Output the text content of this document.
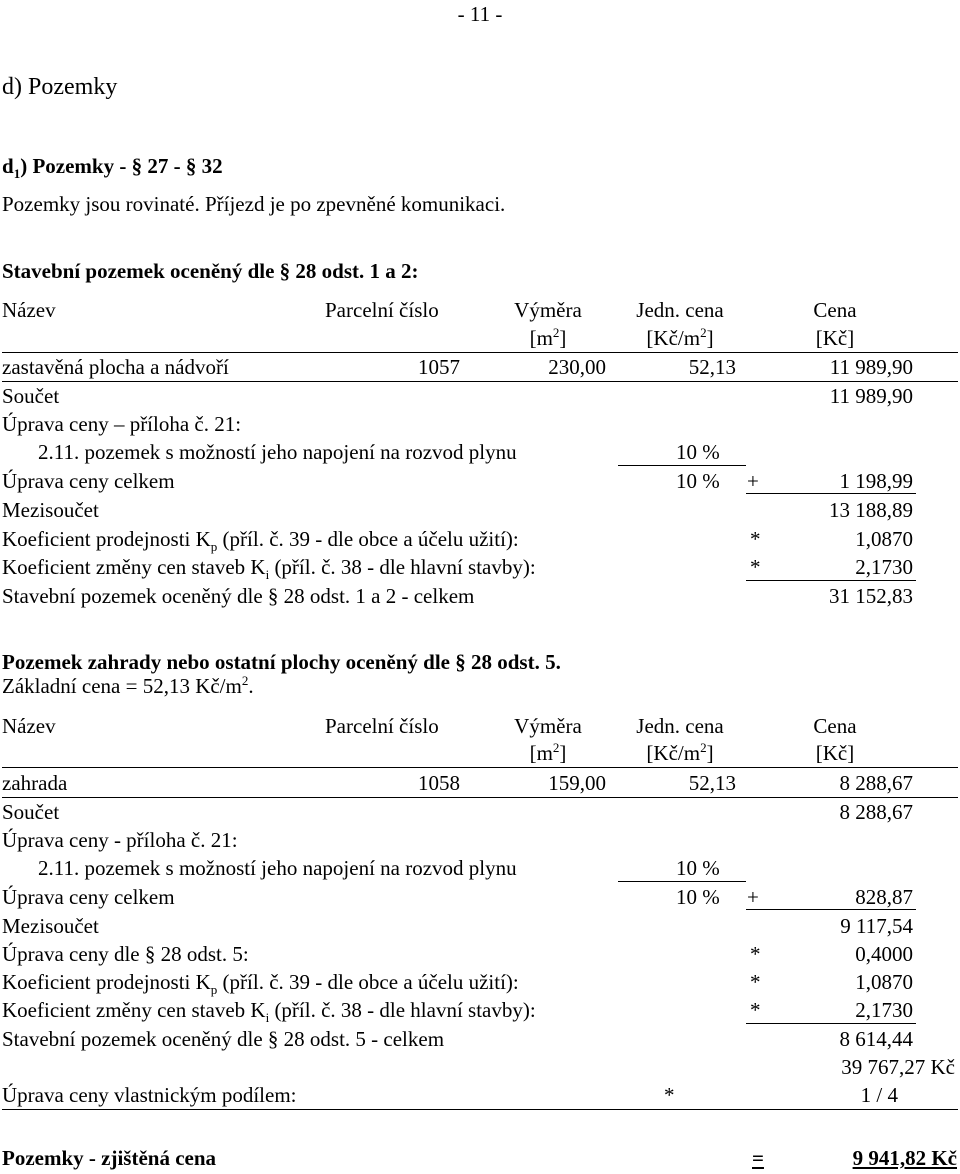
- 11 -
d) Pozemky
$d_1$) Pozemky - § 27 - § 32
Pozemky jsou rovinaté. Příjezd je po zpevněné komunikaci.
Stavební pozemek oceněný dle § 28 odst. 1 a 2:
Název	Parcelní číslo	Výměra	Jedn. cena	Cena
$[m^2]$	$[Kč/m^2]$	[Kč]
zastavěná plocha a nádvoří	1057	230,00	52,13	11 989,90
Součet	11 989,90
Úprava ceny – příloha č. 21:
2.11. pozemek s možností jeho napojení na rozvod plynu	10 %
Úprava ceny celkem	10 % +	1 198,99
Mezisoučet	13 188,89
Koeficient prodejnosti $K_p$ (příl. č. 39 - dle obce a účelu užití):	*	1,0870
Koeficient změny cen staveb $K_i$ (příl. č. 38 - dle hlavní stavby):	*	2,1730
Stavební pozemek oceněný dle § 28 odst. 1 a 2 - celkem	31 152,83
Pozemek zahrady nebo ostatní plochy oceněný dle § 28 odst. 5.
Základní cena = 52,13 $Kč/m^2$.
Název	Parcelní číslo	Výměra	Jedn. cena	Cena
$[m^2]$	$[Kč/m^2]$	[Kč]
zahrada	1058	159,00	52,13	8 288,67
Součet	8 288,67
Úprava ceny - příloha č. 21:
2.11. pozemek s možností jeho napojení na rozvod plynu	10 %
Úprava ceny celkem	10 % +	828,87
Mezisoučet	9 117,54
Úprava ceny dle § 28 odst. 5:	*	0,4000
Koeficient prodejnosti $K_p$ (příl. č. 39 - dle obce a účelu užití):	*	1,0870
Koeficient změny cen staveb $K_i$ (příl. č. 38 - dle hlavní stavby):	*	2,1730
Stavební pozemek oceněný dle § 28 odst. 5 - celkem	8 614,44
39 767,27 Kč
Úprava ceny vlastnickým podílem:	*	1 / 4
Pozemky - zjištěná cena	=	9 941,82 Kč
